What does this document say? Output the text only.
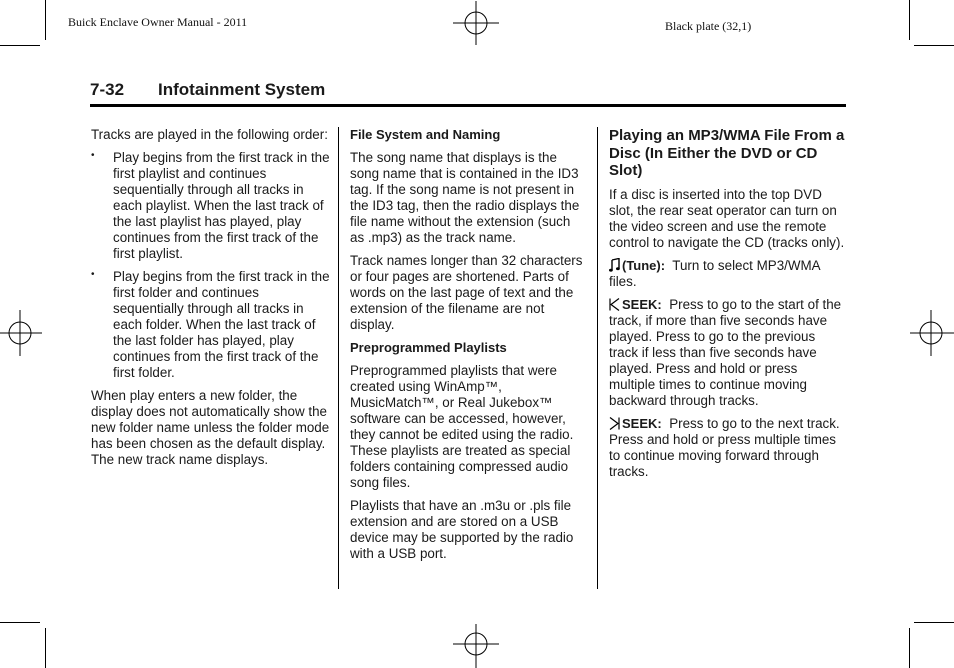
Buick Enclave Owner Manual - 2011	Black plate (32,1)
7-32 Infotainment System

Tracks are played in the following order:

• Play begins from the first track in the first playlist and continues sequentially through all tracks in each playlist. When the last track of the last playlist has played, play continues from the first track of the first playlist.
• Play begins from the first track in the first folder and continues sequentially through all tracks in each folder. When the last track of the last folder has played, play continues from the first track of the first folder.

When play enters a new folder, the display does not automatically show the new folder name unless the folder mode has been chosen as the default display. The new track name displays.

File System and Naming

The song name that displays is the song name that is contained in the ID3 tag. If the song name is not present in the ID3 tag, then the radio displays the file name without the extension (such as .mp3) as the track name.

Track names longer than 32 characters or four pages are shortened. Parts of words on the last page of text and the extension of the filename are not display.

Preprogrammed Playlists

Preprogrammed playlists that were created using WinAmp™, MusicMatch™, or Real Jukebox™ software can be accessed, however, they cannot be edited using the radio. These playlists are treated as special folders containing compressed audio song files.

Playlists that have an .m3u or .pls file extension and are stored on a USB device may be supported by the radio with a USB port.

Playing an MP3/WMA File From a Disc (In Either the DVD or CD Slot)

If a disc is inserted into the top DVD slot, the rear seat operator can turn on the video screen and use the remote control to navigate the CD (tracks only).

(Tune): Turn to select MP3/WMA files.

SEEK: Press to go to the start of the track, if more than five seconds have played. Press to go to the previous track if less than five seconds have played. Press and hold or press multiple times to continue moving backward through tracks.

SEEK: Press to go to the next track. Press and hold or press multiple times to continue moving forward through tracks.
